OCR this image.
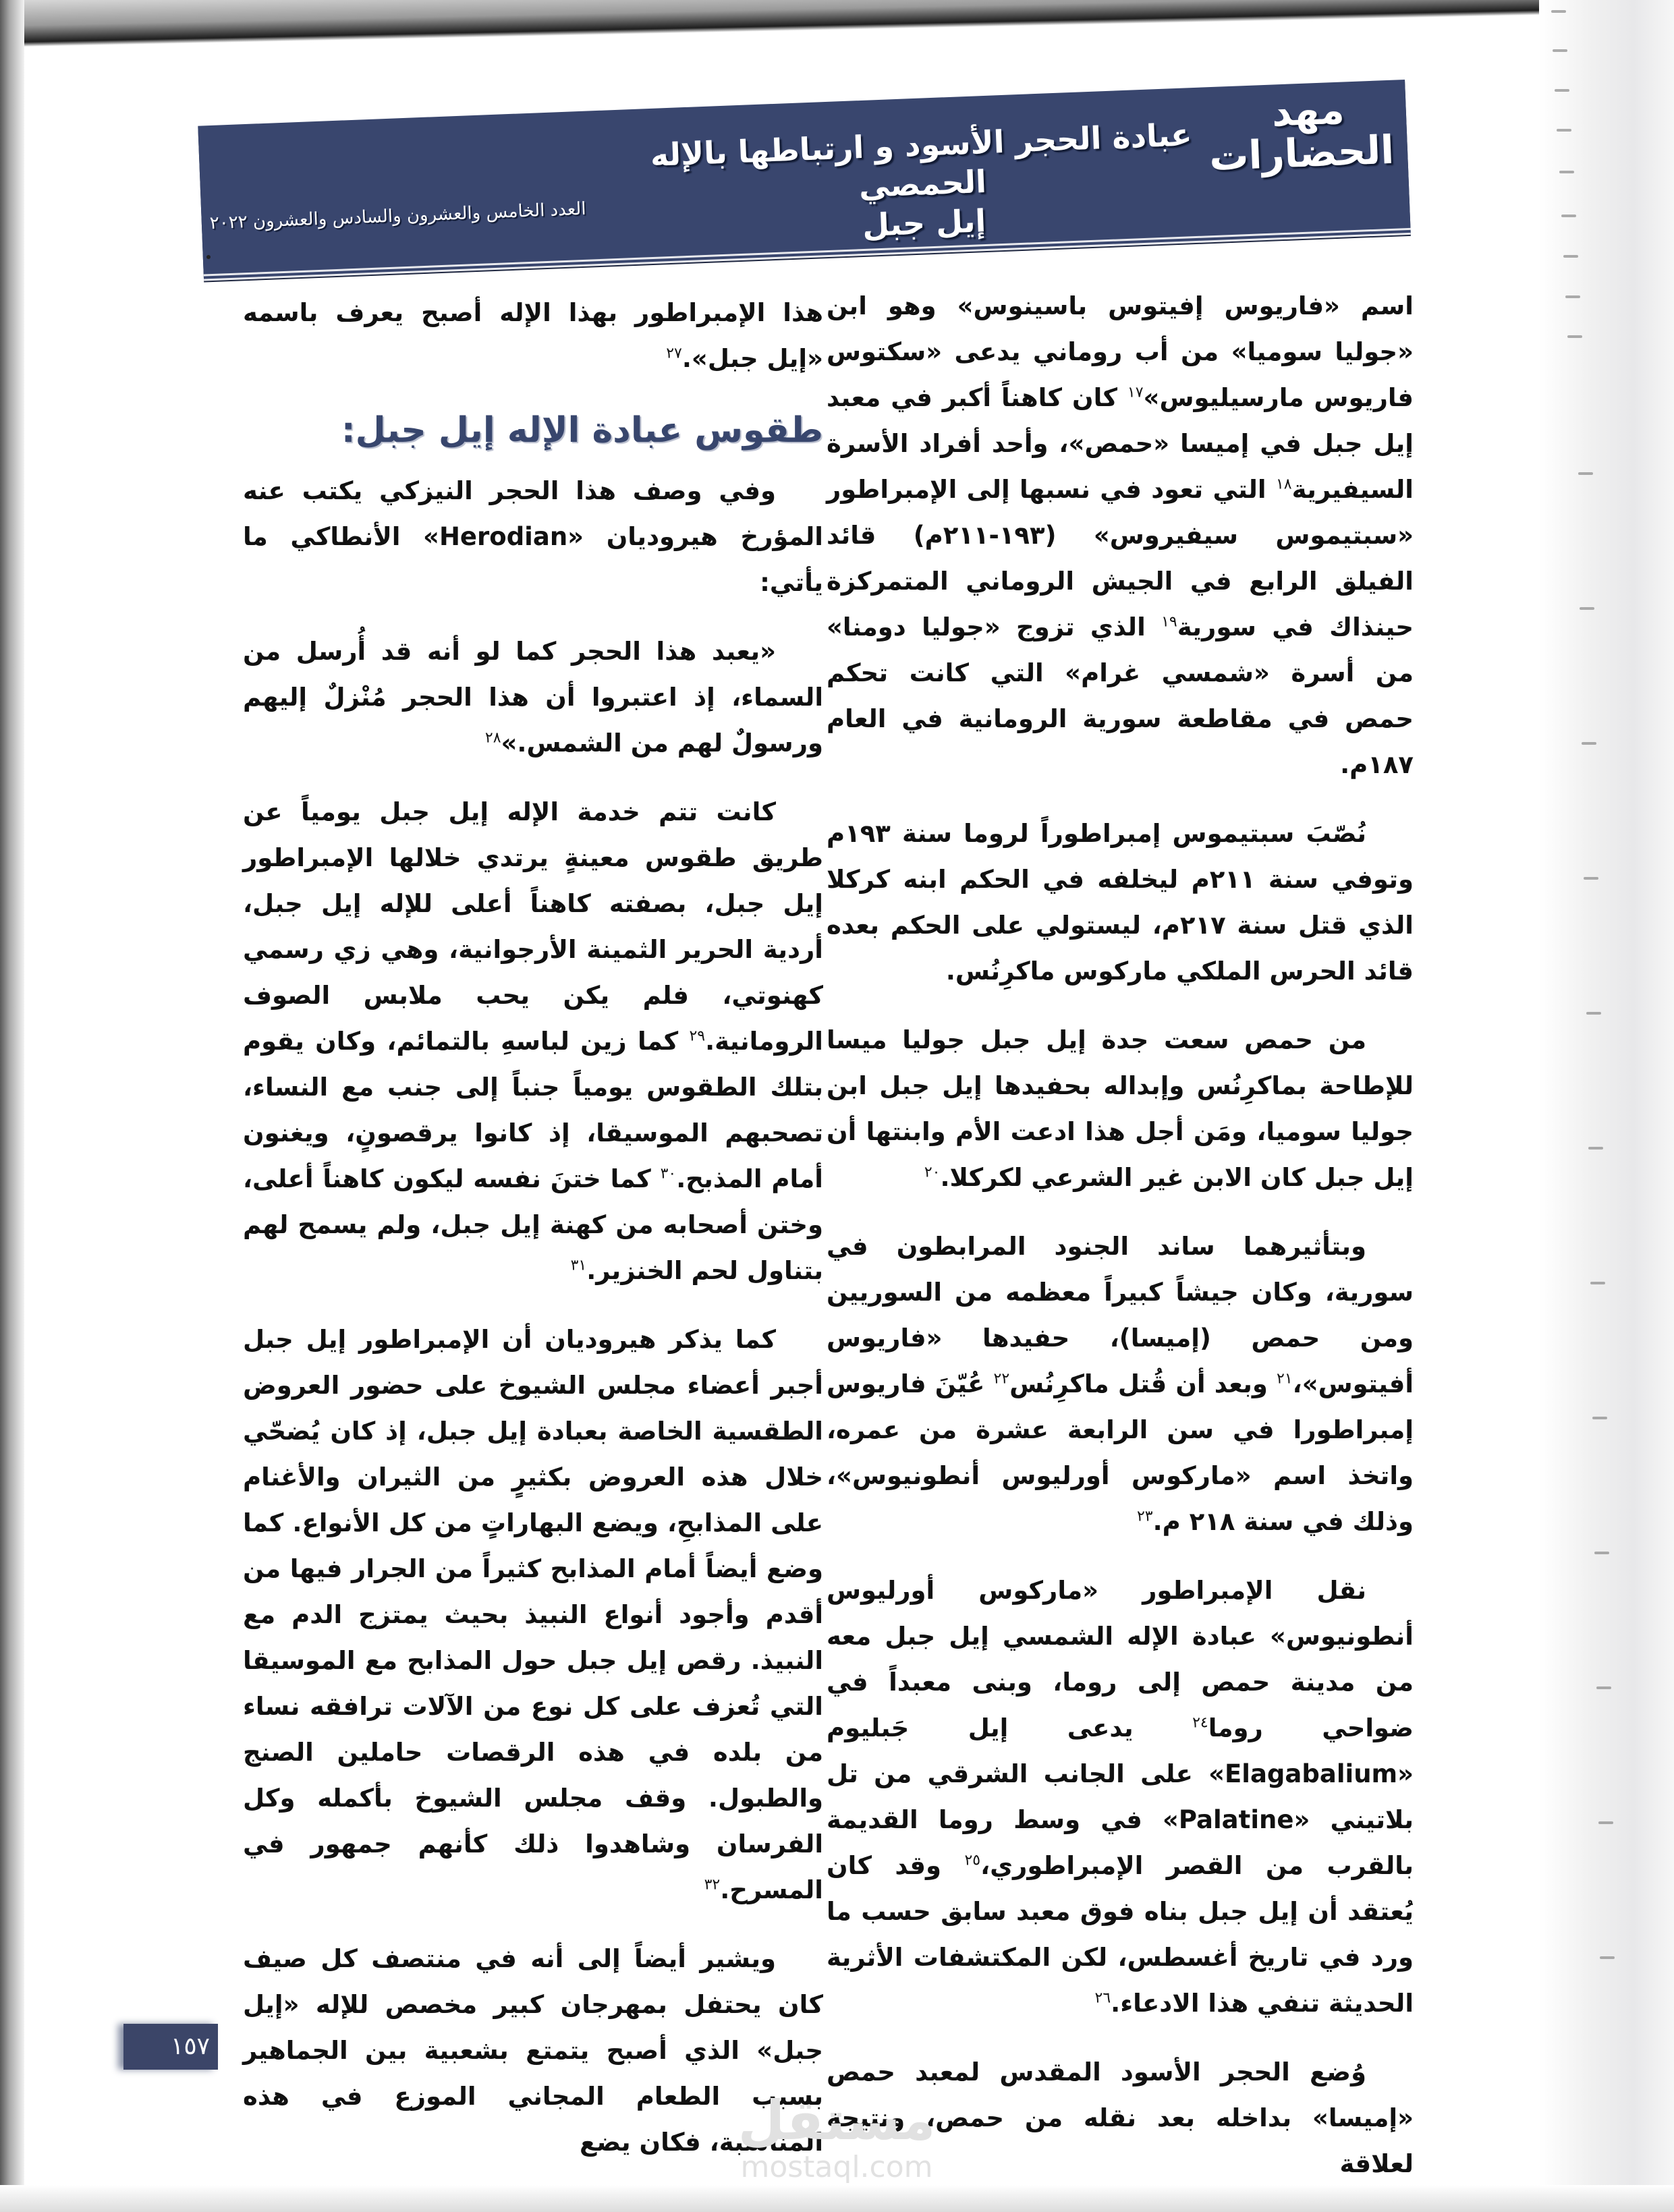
مهد
الحضارات
عبادة الحجر الأسود و ارتباطها بالإله الحمصي
إيل جبل
العدد الخامس والعشرون والسادس والعشرون ٢٠٢٢

اسم «فاريوس إفيتوس باسينوس» وهو ابن «جوليا سوميا» من أب روماني يدعى «سكتوس فاريوس مارسيليوس»$^{١٧}$ كان كاهناً أكبر في معبد إيل جبل في إميسا «حمص»، وأحد أفراد الأسرة السيفيرية$^{١٨}$ التي تعود في نسبها إلى الإمبراطور «سبتيموس سيفيروس» (١٩٣-٢١١م) قائد الفيلق الرابع في الجيش الروماني المتمركزة حينذاك في سورية$^{١٩}$ الذي تزوج «جوليا دومنا» من أسرة «شمسي غرام» التي كانت تحكم حمص في مقاطعة سورية الرومانية في العام ١٨٧م.

نُصّبَ سبتيموس إمبراطوراً لروما سنة ١٩٣م وتوفي سنة ٢١١م ليخلفه في الحكم ابنه كركلا الذي قتل سنة ٢١٧م، ليستولي على الحكم بعده قائد الحرس الملكي ماركوس ماكرِنُس.

من حمص سعت جدة إيل جبل جوليا ميسا للإطاحة بماكرِنُس وإبداله بحفيدها إيل جبل ابن جوليا سوميا، ومَن أجل هذا ادعت الأم وابنتها أن إيل جبل كان الابن غير الشرعي لكركلا.$^{٢٠}$

وبتأثيرهما ساند الجنود المرابطون في سورية، وكان جيشاً كبيراً معظمه من السوريين ومن حمص (إميسا)، حفيدها «فاريوس أفيتوس»،$^{٢١}$ وبعد أن قُتل ماكرِنُس$^{٢٢}$ عُيّنَ فاريوس إمبراطورا في سن الرابعة عشرة من عمره، واتخذ اسم «ماركوس أورليوس أنطونيوس»، وذلك في سنة ٢١٨ م.$^{٢٣}$

نقل الإمبراطور «ماركوس أورليوس أنطونيوس» عبادة الإله الشمسي إيل جبل معه من مدينة حمص إلى روما، وبنى معبداً في ضواحي روما$^{٢٤}$ يدعى إيل جَبليوم «Elagabalium» على الجانب الشرقي من تل بلاتيني «Palatine» في وسط روما القديمة بالقرب من القصر الإمبراطوري،$^{٢٥}$ وقد كان يُعتقد أن إيل جبل بناه فوق معبد سابق حسب ما ورد في تاريخ أغسطس، لكن المكتشفات الأثرية الحديثة تنفي هذا الادعاء.$^{٢٦}$

وُضع الحجر الأسود المقدس لمعبد حمص «إميسا» بداخله بعد نقله من حمص، ونتيجة لعلاقة

هذا الإمبراطور بهذا الإله أصبح يعرف باسمه «إيل جبل».$^{٢٧}$

طقوس عبادة الإله إيل جبل:

وفي وصف هذا الحجر النيزكي يكتب عنه المؤرخ هيروديان «Herodian» الأنطاكي ما يأتي:

«يعبد هذا الحجر كما لو أنه قد أُرسل من السماء، إذ اعتبروا أن هذا الحجر مُنْزلٌ إليهم ورسولٌ لهم من الشمس.»$^{٢٨}$

كانت تتم خدمة الإله إيل جبل يومياً عن طريق طقوس معينةٍ يرتدي خلالها الإمبراطور إيل جبل، بصفته كاهناً أعلى للإله إيل جبل، أردية الحرير الثمينة الأرجوانية، وهي زي رسمي كهنوتي، فلم يكن يحب ملابس الصوف الرومانية.$^{٢٩}$ كما زين لباسهِ بالتمائم، وكان يقوم بتلك الطقوس يومياً جنباً إلى جنب مع النساء، تصحبهم الموسيقا، إذ كانوا يرقصونٍ، ويغنون أمام المذبح.$^{٣٠}$ كما ختنَ نفسه ليكون كاهناً أعلى، وختن أصحابه من كهنة إيل جبل، ولم يسمح لهم بتناول لحم الخنزير.$^{٣١}$

كما يذكر هيروديان أن الإمبراطور إيل جبل أجبر أعضاء مجلس الشيوخ على حضور العروض الطقسية الخاصة بعبادة إيل جبل، إذ كان يُضحّي خلال هذه العروض بكثيرٍ من الثيران والأغنام على المذابحِ، ويضع البهاراتٍ من كل الأنواع. كما وضع أيضاً أمام المذابح كثيراً من الجرار فيها من أقدم وأجود أنواع النبيذ بحيث يمتزج الدم مع النبيذ. رقص إيل جبل حول المذابح مع الموسيقا التي تُعزف على كل نوع من الآلات ترافقه نساء من بلده في هذه الرقصات حاملين الصنج والطبول. وقف مجلس الشيوخ بأكمله وكل الفرسان وشاهدوا ذلك كأنهم جمهور في المسرح.$^{٣٢}$

ويشير أيضاً إلى أنه في منتصف كل صيف كان يحتفل بمهرجان كبير مخصص للإله «إيل جبل» الذي أصبح يتمتع بشعبية بين الجماهير بسبب الطعام المجاني الموزع في هذه المناسبة، فكان يضع

١٥٧
مستقل
mostaql.com
